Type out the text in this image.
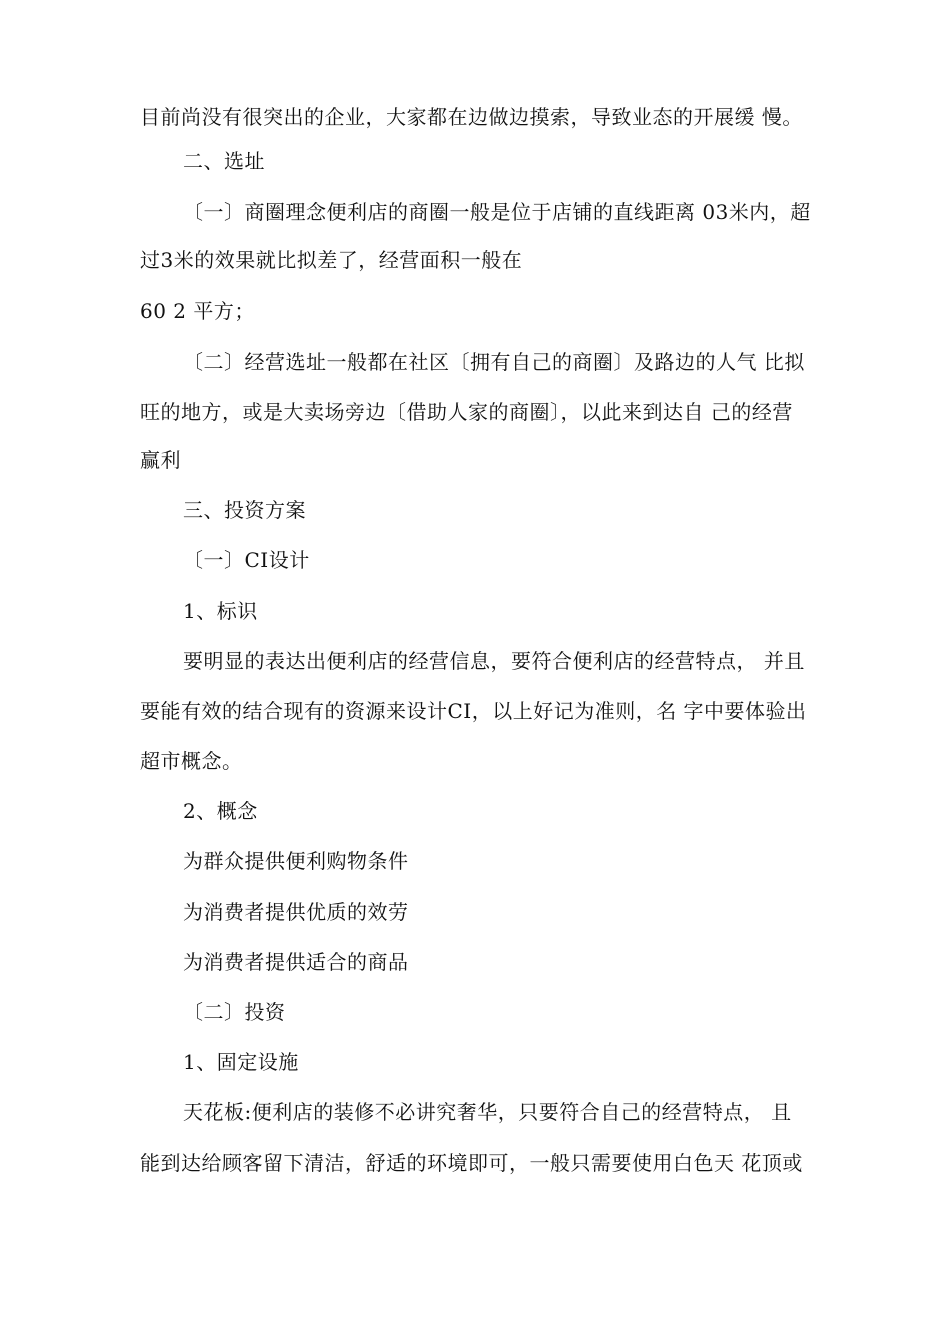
目前尚没有很突出的企业，大家都在边做边摸索，导致业态的开展缓 慢。
二、选址
〔一〕商圈理念便利店的商圈一般是位于店铺的直线距离 03米内，超
过3米的效果就比拟差了，经营面积一般在
60 2 平方；
〔二〕经营选址一般都在社区〔拥有自己的商圈〕及路边的人气 比拟
旺的地方，或是大卖场旁边〔借助人家的商圈〕，以此来到达自 己的经营
赢利
三、投资方案
〔一〕CI设计
1、标识
要明显的表达出便利店的经营信息，要符合便利店的经营特点， 并且
要能有效的结合现有的资源来设计CI，以上好记为准则，名 字中要体验出
超市概念。
2、概念
为群众提供便利购物条件
为消费者提供优质的效劳
为消费者提供适合的商品
〔二〕投资
1、固定设施
天花板:便利店的装修不必讲究奢华，只要符合自己的经营特点， 且
能到达给顾客留下清洁，舒适的环境即可，一般只需要使用白色天 花顶或
